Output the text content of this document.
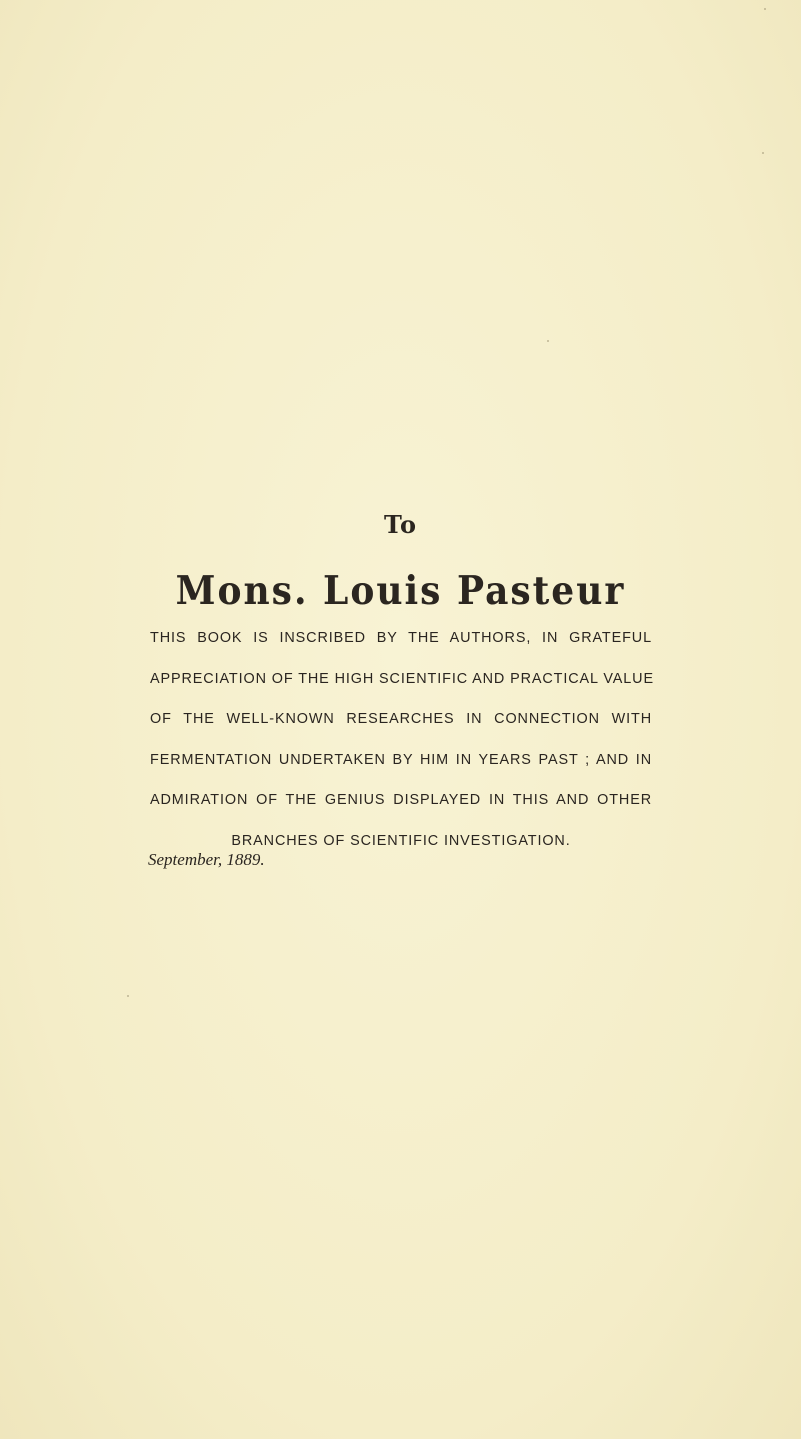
To
Mons. Louis Pasteur
THIS BOOK IS INSCRIBED BY THE AUTHORS, IN GRATEFUL
APPRECIATION OF THE HIGH SCIENTIFIC AND PRACTICAL VALUE
OF THE WELL-KNOWN RESEARCHES IN CONNECTION WITH
FERMENTATION UNDERTAKEN BY HIM IN YEARS PAST ; AND IN
ADMIRATION OF THE GENIUS DISPLAYED IN THIS AND OTHER
BRANCHES OF SCIENTIFIC INVESTIGATION.
September, 1889.
